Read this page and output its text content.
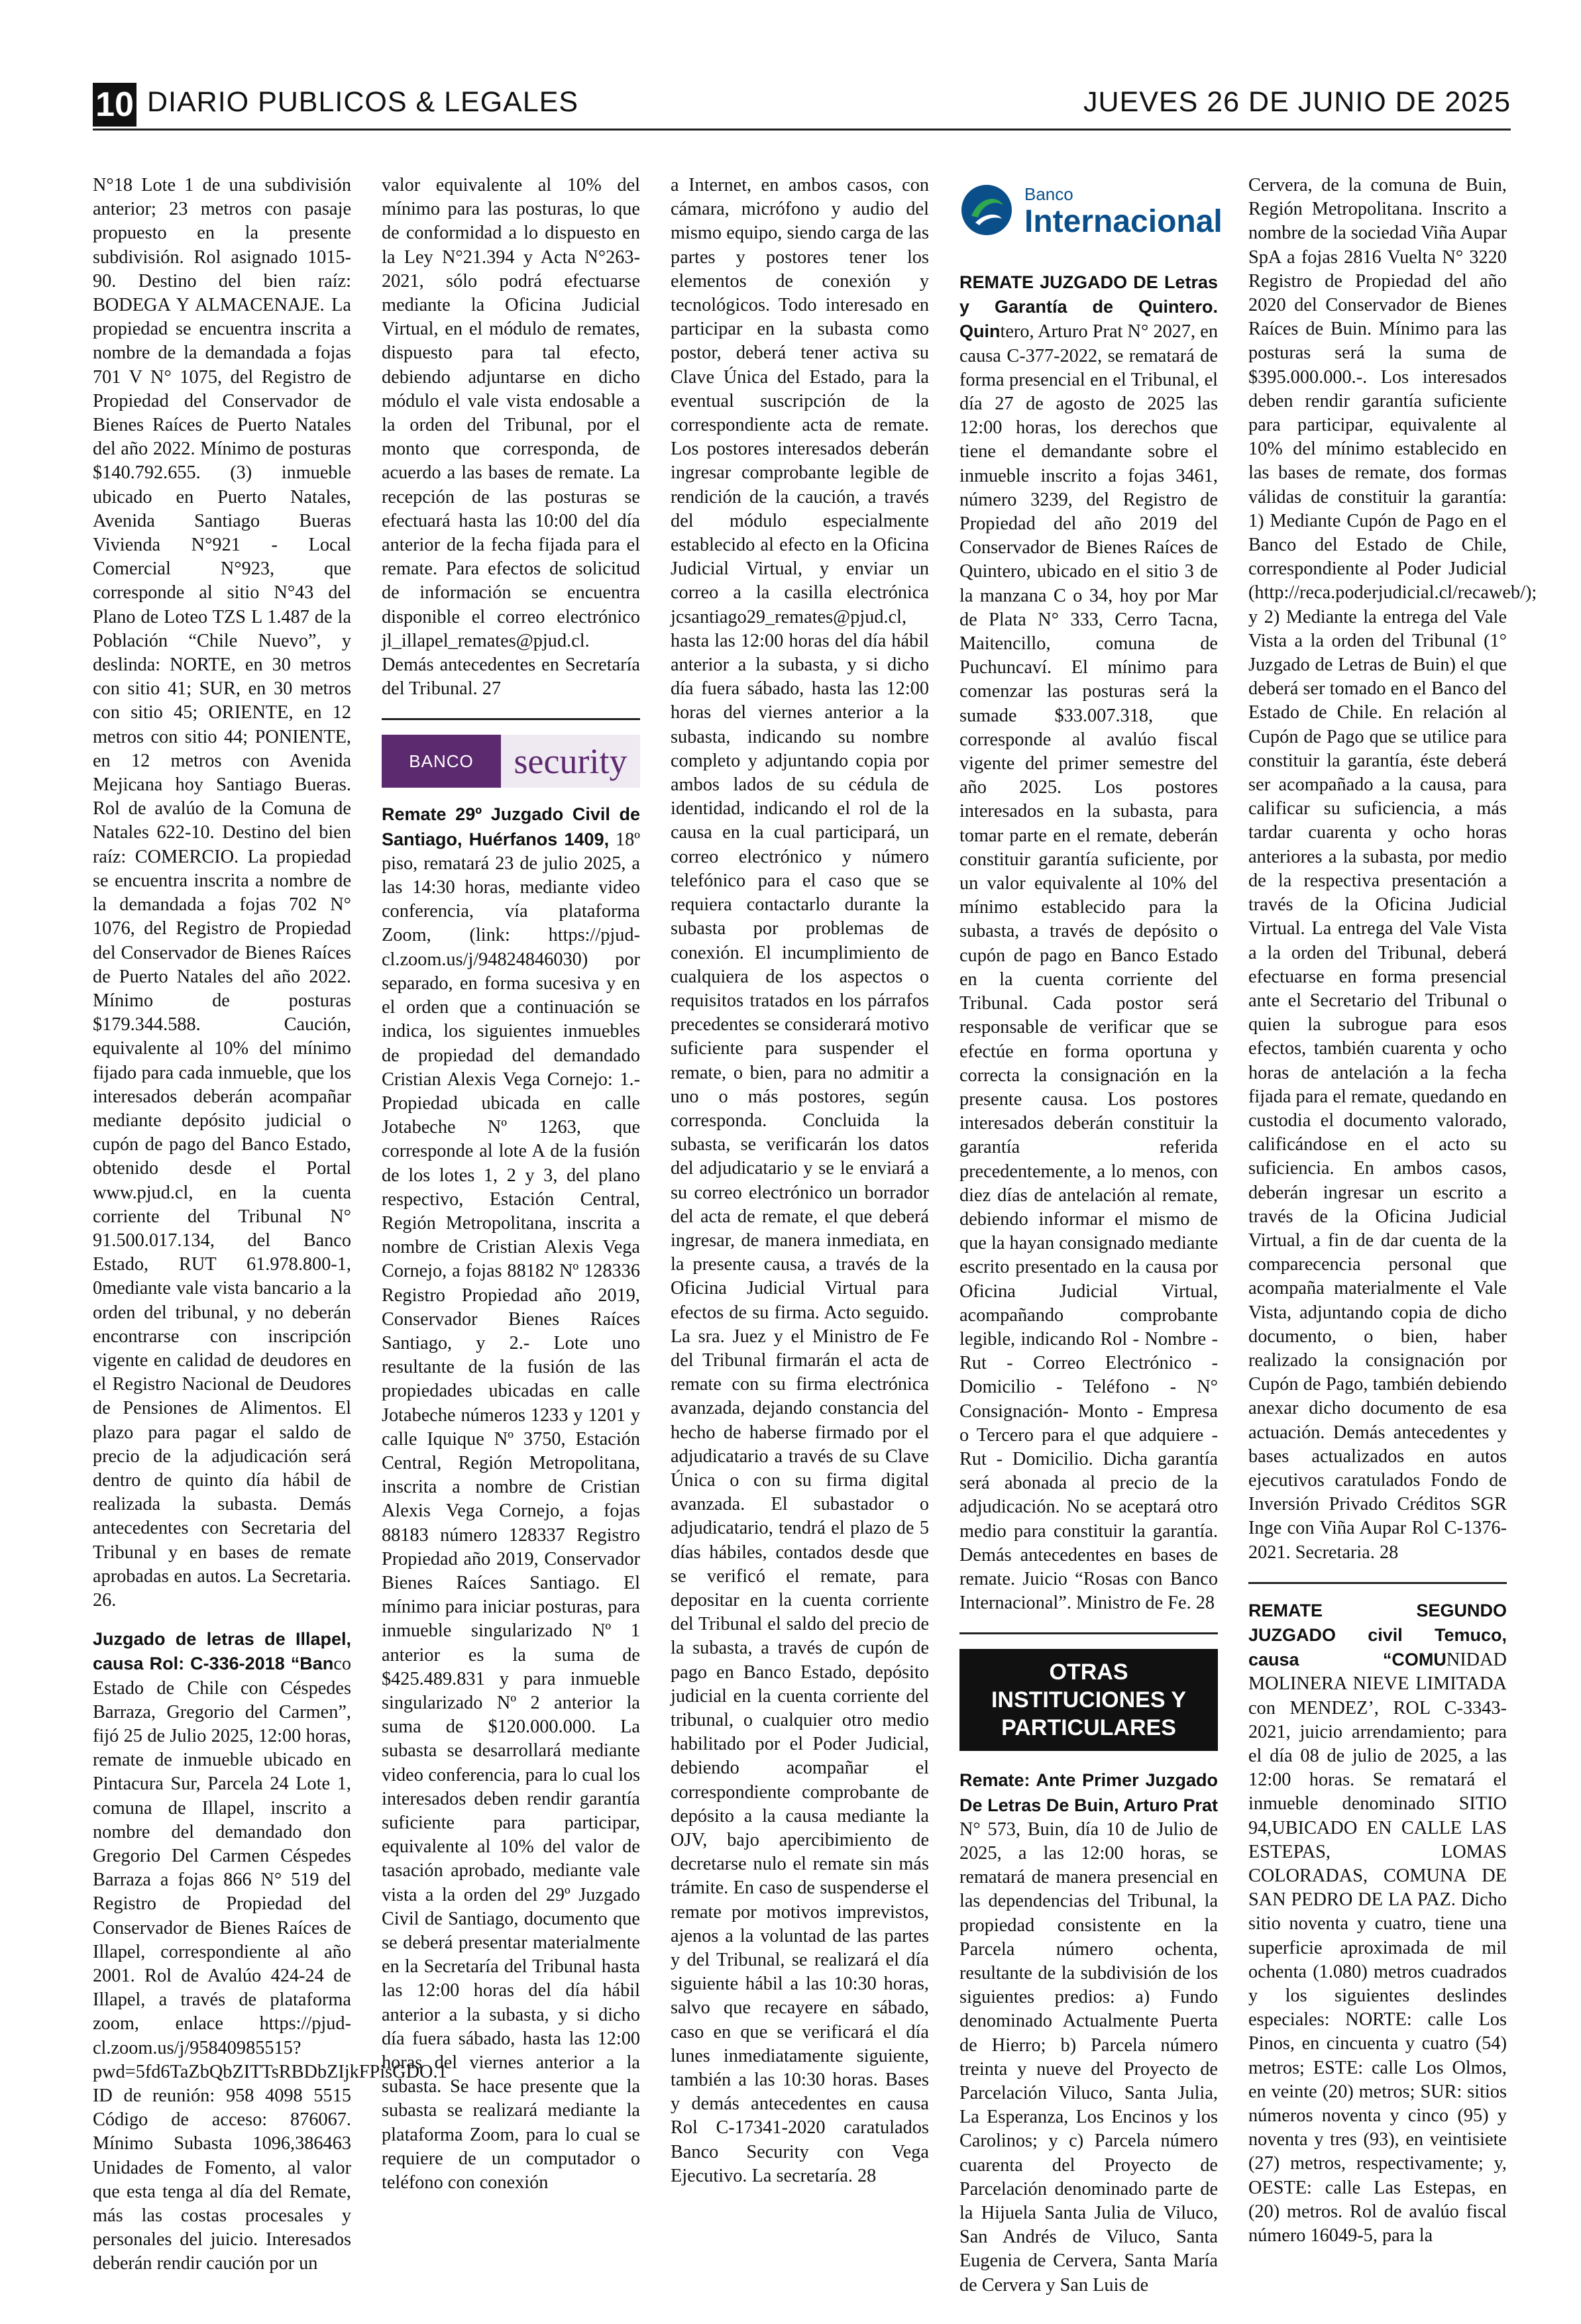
10 DIARIO PUBLICOS & LEGALES	JUEVES 26 DE JUNIO DE 2025

N°18 Lote 1 de una subdivisión anterior; 23 metros con pasaje propuesto en la presente subdivisión. Rol asignado 1015-90. Destino del bien raíz: BODEGA Y ALMACENAJE. La propiedad se encuentra inscrita a nombre de la demandada a fojas 701 V N° 1075, del Registro de Propiedad del Conservador de Bienes Raíces de Puerto Natales del año 2022. Mínimo de posturas $140.792.655. (3) inmueble ubicado en Puerto Natales, Avenida Santiago Bueras Vivienda N°921 - Local Comercial N°923, que corresponde al sitio N°43 del Plano de Loteo TZS L 1.487 de la Población “Chile Nuevo”, y deslinda: NORTE, en 30 metros con sitio 41; SUR, en 30 metros con sitio 45; ORIENTE, en 12 metros con sitio 44; PONIENTE, en 12 metros con Avenida Mejicana hoy Santiago Bueras. Rol de avalúo de la Comuna de Natales 622-10. Destino del bien raíz: COMERCIO. La propiedad se encuentra inscrita a nombre de la demandada a fojas 702 N° 1076, del Registro de Propiedad del Conservador de Bienes Raíces de Puerto Natales del año 2022. Mínimo de posturas $179.344.588. Caución, equivalente al 10% del mínimo fijado para cada inmueble, que los interesados deberán acompañar mediante depósito judicial o cupón de pago del Banco Estado, obtenido desde el Portal www.pjud.cl, en la cuenta corriente del Tribunal N° 91.500.017.134, del Banco Estado, RUT 61.978.800-1, 0mediante vale vista bancario a la orden del tribunal, y no deberán encontrarse con inscripción vigente en calidad de deudores en el Registro Nacional de Deudores de Pensiones de Alimentos. El plazo para pagar el saldo de precio de la adjudicación será dentro de quinto día hábil de realizada la subasta. Demás antecedentes con Secretaria del Tribunal y en bases de remate aprobadas en autos. La Secretaria. 26.

Juzgado de letras de Illapel, causa Rol: C-336-2018 “Banco Estado de Chile con Céspedes Barraza, Gregorio del Carmen”, fijó 25 de Julio 2025, 12:00 horas, remate de inmueble ubicado en Pintacura Sur, Parcela 24 Lote 1, comuna de Illapel, inscrito a nombre del demandado don Gregorio Del Carmen Céspedes Barraza a fojas 866 N° 519 del Registro de Propiedad del Conservador de Bienes Raíces de Illapel, correspondiente al año 2001. Rol de Avalúo 424-24 de Illapel, a través de plataforma zoom, enlace https://pjud-cl.zoom.us/j/95840985515?pwd=5fd6TaZbQbZITTsRBDbZIjkFPisGDO.1 ID de reunión: 958 4098 5515 Código de acceso: 876067. Mínimo Subasta 1096,386463 Unidades de Fomento, al valor que esta tenga al día del Remate, más las costas procesales y personales del juicio. Interesados deberán rendir caución por un

valor equivalente al 10% del mínimo para las posturas, lo que de conformidad a lo dispuesto en la Ley N°21.394 y Acta N°263-2021, sólo podrá efectuarse mediante la Oficina Judicial Virtual, en el módulo de remates, dispuesto para tal efecto, debiendo adjuntarse en dicho módulo el vale vista endosable a la orden del Tribunal, por el monto que corresponda, de acuerdo a las bases de remate. La recepción de las posturas se efectuará hasta las 10:00 del día anterior de la fecha fijada para el remate. Para efectos de solicitud de información se encuentra disponible el correo electrónico jl_illapel_remates@pjud.cl. Demás antecedentes en Secretaría del Tribunal. 27

BANCO	security

Remate 29º Juzgado Civil de Santiago, Huérfanos 1409, 18º piso, rematará 23 de julio 2025, a las 14:30 horas, mediante video conferencia, vía plataforma Zoom, (link: https://pjud-cl.zoom.us/j/94824846030) por separado, en forma sucesiva y en el orden que a continuación se indica, los siguientes inmuebles de propiedad del demandado Cristian Alexis Vega Cornejo: 1.- Propiedad ubicada en calle Jotabeche Nº 1263, que corresponde al lote A de la fusión de los lotes 1, 2 y 3, del plano respectivo, Estación Central, Región Metropolitana, inscrita a nombre de Cristian Alexis Vega Cornejo, a fojas 88182 Nº 128336 Registro Propiedad año 2019, Conservador Bienes Raíces Santiago, y 2.- Lote uno resultante de la fusión de las propiedades ubicadas en calle Jotabeche números 1233 y 1201 y calle Iquique Nº 3750, Estación Central, Región Metropolitana, inscrita a nombre de Cristian Alexis Vega Cornejo, a fojas 88183 número 128337 Registro Propiedad año 2019, Conservador Bienes Raíces Santiago. El mínimo para iniciar posturas, para inmueble singularizado Nº 1 anterior es la suma de $425.489.831 y para inmueble singularizado Nº 2 anterior la suma de $120.000.000. La subasta se desarrollará mediante video conferencia, para lo cual los interesados deben rendir garantía suficiente para participar, equivalente al 10% del valor de tasación aprobado, mediante vale vista a la orden del 29º Juzgado Civil de Santiago, documento que se deberá presentar materialmente en la Secretaría del Tribunal hasta las 12:00 horas del día hábil anterior a la subasta, y si dicho día fuera sábado, hasta las 12:00 horas del viernes anterior a la subasta. Se hace presente que la subasta se realizará mediante la plataforma Zoom, para lo cual se requiere de un computador o teléfono con conexión

a Internet, en ambos casos, con cámara, micrófono y audio del mismo equipo, siendo carga de las partes y postores tener los elementos de conexión y tecnológicos. Todo interesado en participar en la subasta como postor, deberá tener activa su Clave Única del Estado, para la eventual suscripción de la correspondiente acta de remate. Los postores interesados deberán ingresar comprobante legible de rendición de la caución, a través del módulo especialmente establecido al efecto en la Oficina Judicial Virtual, y enviar un correo a la casilla electrónica jcsantiago29_remates@pjud.cl, hasta las 12:00 horas del día hábil anterior a la subasta, y si dicho día fuera sábado, hasta las 12:00 horas del viernes anterior a la subasta, indicando su nombre completo y adjuntando copia por ambos lados de su cédula de identidad, indicando el rol de la causa en la cual participará, un correo electrónico y número telefónico para el caso que se requiera contactarlo durante la subasta por problemas de conexión. El incumplimiento de cualquiera de los aspectos o requisitos tratados en los párrafos precedentes se considerará motivo suficiente para suspender el remate, o bien, para no admitir a uno o más postores, según corresponda. Concluida la subasta, se verificarán los datos del adjudicatario y se le enviará a su correo electrónico un borrador del acta de remate, el que deberá ingresar, de manera inmediata, en la presente causa, a través de la Oficina Judicial Virtual para efectos de su firma. Acto seguido. La sra. Juez y el Ministro de Fe del Tribunal firmarán el acta de remate con su firma electrónica avanzada, dejando constancia del hecho de haberse firmado por el adjudicatario a través de su Clave Única o con su firma digital avanzada. El subastador o adjudicatario, tendrá el plazo de 5 días hábiles, contados desde que se verificó el remate, para depositar en la cuenta corriente del Tribunal el saldo del precio de la subasta, a través de cupón de pago en Banco Estado, depósito judicial en la cuenta corriente del tribunal, o cualquier otro medio habilitado por el Poder Judicial, debiendo acompañar el correspondiente comprobante de depósito a la causa mediante la OJV, bajo apercibimiento de decretarse nulo el remate sin más trámite. En caso de suspenderse el remate por motivos imprevistos, ajenos a la voluntad de las partes y del Tribunal, se realizará el día siguiente hábil a las 10:30 horas, salvo que recayere en sábado, caso en que se verificará el día lunes inmediatamente siguiente, también a las 10:30 horas. Bases y demás antecedentes en causa Rol C-17341-2020 caratulados Banco Security con Vega Ejecutivo. La secretaría. 28

Banco
Internacional

REMATE JUZGADO DE Letras y Garantía de Quintero. Quintero, Arturo Prat N° 2027, en causa C-377-2022, se rematará de forma presencial en el Tribunal, el día 27 de agosto de 2025 las 12:00 horas, los derechos que tiene el demandante sobre el inmueble inscrito a fojas 3461, número 3239, del Registro de Propiedad del año 2019 del Conservador de Bienes Raíces de Quintero, ubicado en el sitio 3 de la manzana C o 34, hoy por Mar de Plata N° 333, Cerro Tacna, Maitencillo, comuna de Puchuncaví. El mínimo para comenzar las posturas será la sumade $33.007.318, que corresponde al avalúo fiscal vigente del primer semestre del año 2025. Los postores interesados en la subasta, para tomar parte en el remate, deberán constituir garantía suficiente, por un valor equivalente al 10% del mínimo establecido para la subasta, a través de depósito o cupón de pago en Banco Estado en la cuenta corriente del Tribunal. Cada postor será responsable de verificar que se efectúe en forma oportuna y correcta la consignación en la presente causa. Los postores interesados deberán constituir la garantía referida precedentemente, a lo menos, con diez días de antelación al remate, debiendo informar el mismo de que la hayan consignado mediante escrito presentado en la causa por Oficina Judicial Virtual, acompañando comprobante legible, indicando Rol - Nombre - Rut - Correo Electrónico - Domicilio - Teléfono - N° Consignación- Monto - Empresa o Tercero para el que adquiere - Rut - Domicilio. Dicha garantía será abonada al precio de la adjudicación. No se aceptará otro medio para constituir la garantía. Demás antecedentes en bases de remate. Juicio “Rosas con Banco Internacional”. Ministro de Fe. 28

OTRAS INSTITUCIONES Y PARTICULARES

Remate: Ante Primer Juzgado De Letras De Buin, Arturo Prat N° 573, Buin, día 10 de Julio de 2025, a las 12:00 horas, se rematará de manera presencial en las dependencias del Tribunal, la propiedad consistente en la Parcela número ochenta, resultante de la subdivisión de los siguientes predios: a) Fundo denominado Actualmente Puerta de Hierro; b) Parcela número treinta y nueve del Proyecto de Parcelación Viluco, Santa Julia, La Esperanza, Los Encinos y los Carolinos; y c) Parcela número cuarenta del Proyecto de Parcelación denominado parte de la Hijuela Santa Julia de Viluco, San Andrés de Viluco, Santa Eugenia de Cervera, Santa María de Cervera y San Luis de

Cervera, de la comuna de Buin, Región Metropolitana. Inscrito a nombre de la sociedad Viña Aupar SpA a fojas 2816 Vuelta N° 3220 Registro de Propiedad del año 2020 del Conservador de Bienes Raíces de Buin. Mínimo para las posturas será la suma de $395.000.000.-. Los interesados deben rendir garantía suficiente para participar, equivalente al 10% del mínimo establecido en las bases de remate, dos formas válidas de constituir la garantía: 1) Mediante Cupón de Pago en el Banco del Estado de Chile, correspondiente al Poder Judicial (http://reca.poderjudicial.cl/recaweb/); y 2) Mediante la entrega del Vale Vista a la orden del Tribunal (1° Juzgado de Letras de Buin) el que deberá ser tomado en el Banco del Estado de Chile. En relación al Cupón de Pago que se utilice para constituir la garantía, éste deberá ser acompañado a la causa, para calificar su suficiencia, a más tardar cuarenta y ocho horas anteriores a la subasta, por medio de la respectiva presentación a través de la Oficina Judicial Virtual. La entrega del Vale Vista a la orden del Tribunal, deberá efectuarse en forma presencial ante el Secretario del Tribunal o quien la subrogue para esos efectos, también cuarenta y ocho horas de antelación a la fecha fijada para el remate, quedando en custodia el documento valorado, calificándose en el acto su suficiencia. En ambos casos, deberán ingresar un escrito a través de la Oficina Judicial Virtual, a fin de dar cuenta de la comparecencia personal que acompaña materialmente el Vale Vista, adjuntando copia de dicho documento, o bien, haber realizado la consignación por Cupón de Pago, también debiendo anexar dicho documento de esa actuación. Demás antecedentes y bases actualizados en autos ejecutivos caratulados Fondo de Inversión Privado Créditos SGR Inge con Viña Aupar Rol C-1376-2021. Secretaria. 28

REMATE SEGUNDO JUZGADO civil Temuco, causa “COMUNIDAD MOLINERA NIEVE LIMITADA con MENDEZ’, ROL C-3343-2021, juicio arrendamiento; para el día 08 de julio de 2025, a las 12:00 horas. Se rematará el inmueble denominado SITIO 94,UBICADO EN CALLE LAS ESTEPAS, LOMAS COLORADAS, COMUNA DE SAN PEDRO DE LA PAZ. Dicho sitio noventa y cuatro, tiene una superficie aproximada de mil ochenta (1.080) metros cuadrados y los siguientes deslindes especiales: NORTE: calle Los Pinos, en cincuenta y cuatro (54) metros; ESTE: calle Los Olmos, en veinte (20) metros; SUR: sitios números noventa y cinco (95) y noventa y tres (93), en veintisiete (27) metros, respectivamente; y, OESTE: calle Las Estepas, en (20) metros. Rol de avalúo fiscal número 16049-5, para la
